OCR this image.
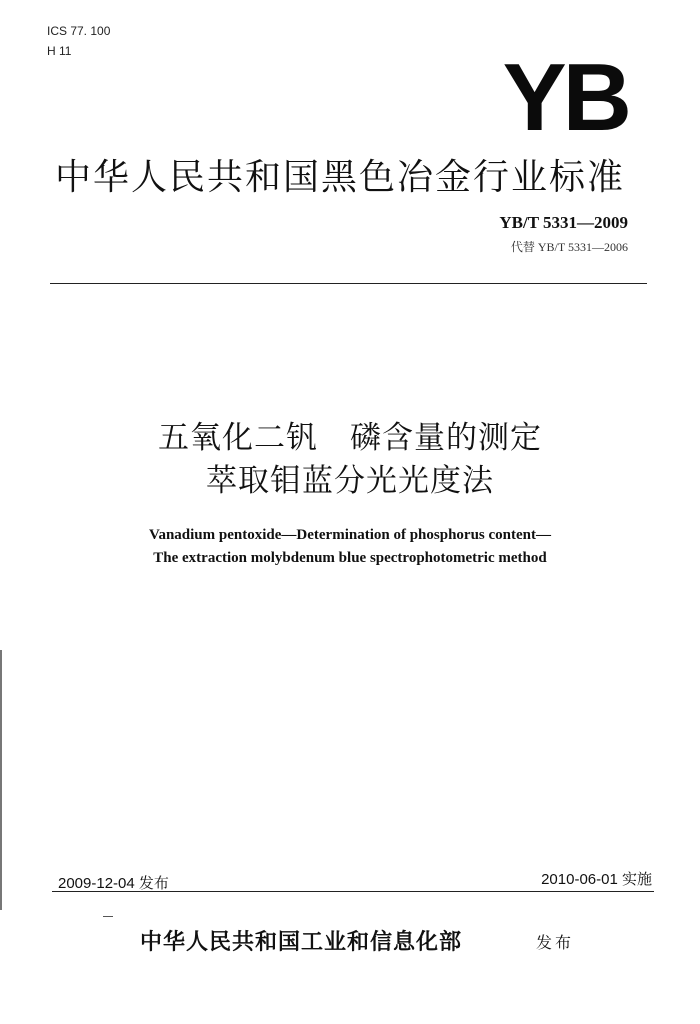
ICS 77. 100
H 11	YB
中华人民共和国黑色冶金行业标准
YB/T 5331—2009
代替 YB/T 5331—2006
五氧化二钒　磷含量的测定
萃取钼蓝分光光度法
Vanadium pentoxide—Determination of phosphorus content—
The extraction molybdenum blue spectrophotometric method
2009-12-04 发布	2010-06-01 实施
中华人民共和国工业和信息化部	发布
